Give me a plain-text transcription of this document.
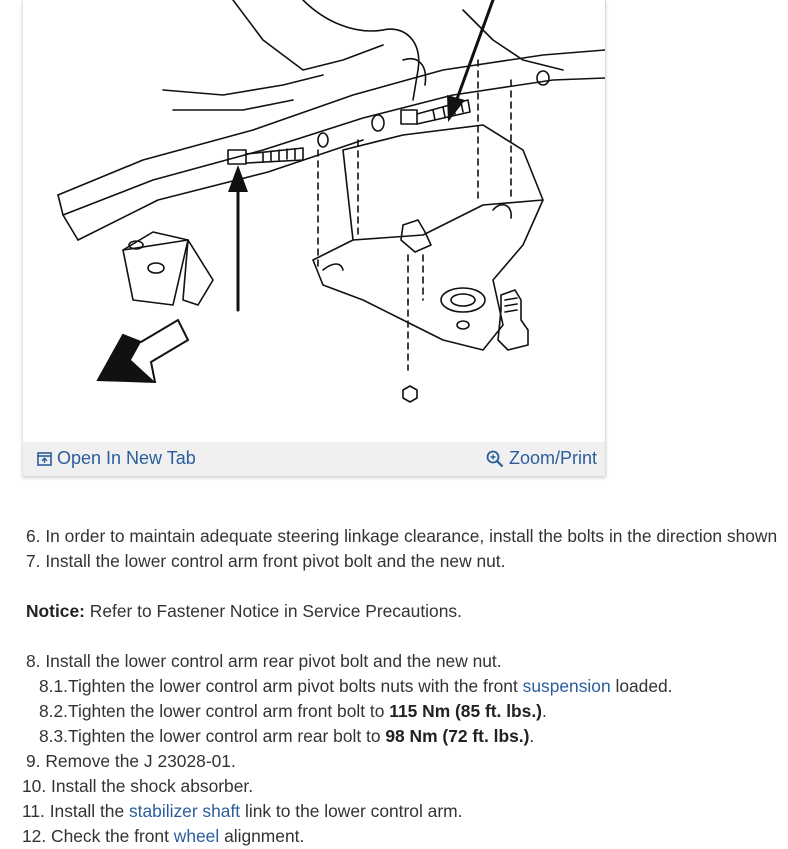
Open In New Tab	Zoom/Print
6. In order to maintain adequate steering linkage clearance, install the bolts in the direction shown
7. Install the lower control arm front pivot bolt and the new nut.
Notice: Refer to Fastener Notice in Service Precautions.
8. Install the lower control arm rear pivot bolt and the new nut.
8.1.Tighten the lower control arm pivot bolts nuts with the front suspension loaded.
8.2.Tighten the lower control arm front bolt to 115 Nm (85 ft. lbs.).
8.3.Tighten the lower control arm rear bolt to 98 Nm (72 ft. lbs.).
9. Remove the J 23028-01.
10. Install the shock absorber.
11. Install the stabilizer shaft link to the lower control arm.
12. Check the front wheel alignment.
